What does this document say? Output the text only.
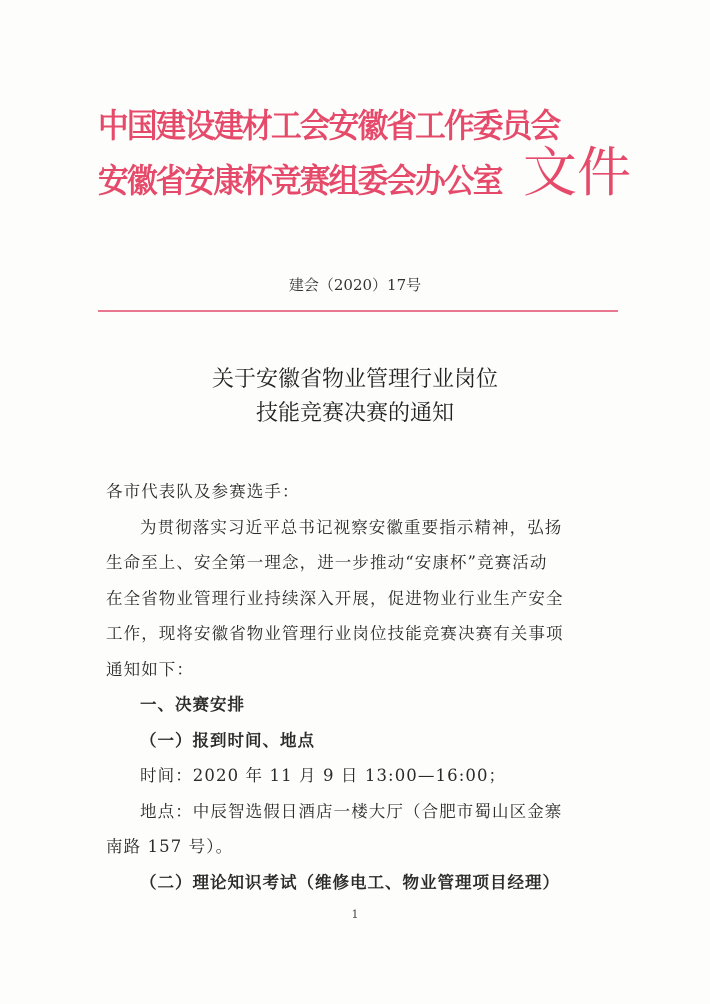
中国建设建材工会安徽省工作委员会
安徽省安康杯竞赛组委会办公室 文件
建会（2020）17号
关于安徽省物业管理行业岗位
技能竞赛决赛的通知
各市代表队及参赛选手：
为贯彻落实习近平总书记视察安徽重要指示精神，弘扬
生命至上、安全第一理念，进一步推动“安康杯”竞赛活动
在全省物业管理行业持续深入开展，促进物业行业生产安全
工作，现将安徽省物业管理行业岗位技能竞赛决赛有关事项
通知如下：
一、决赛安排
（一）报到时间、地点
时间：2020 年 11 月 9 日 13:00—16:00；
地点：中辰智选假日酒店一楼大厅（合肥市蜀山区金寨
南路 157 号）。
（二）理论知识考试（维修电工、物业管理项目经理）
1
